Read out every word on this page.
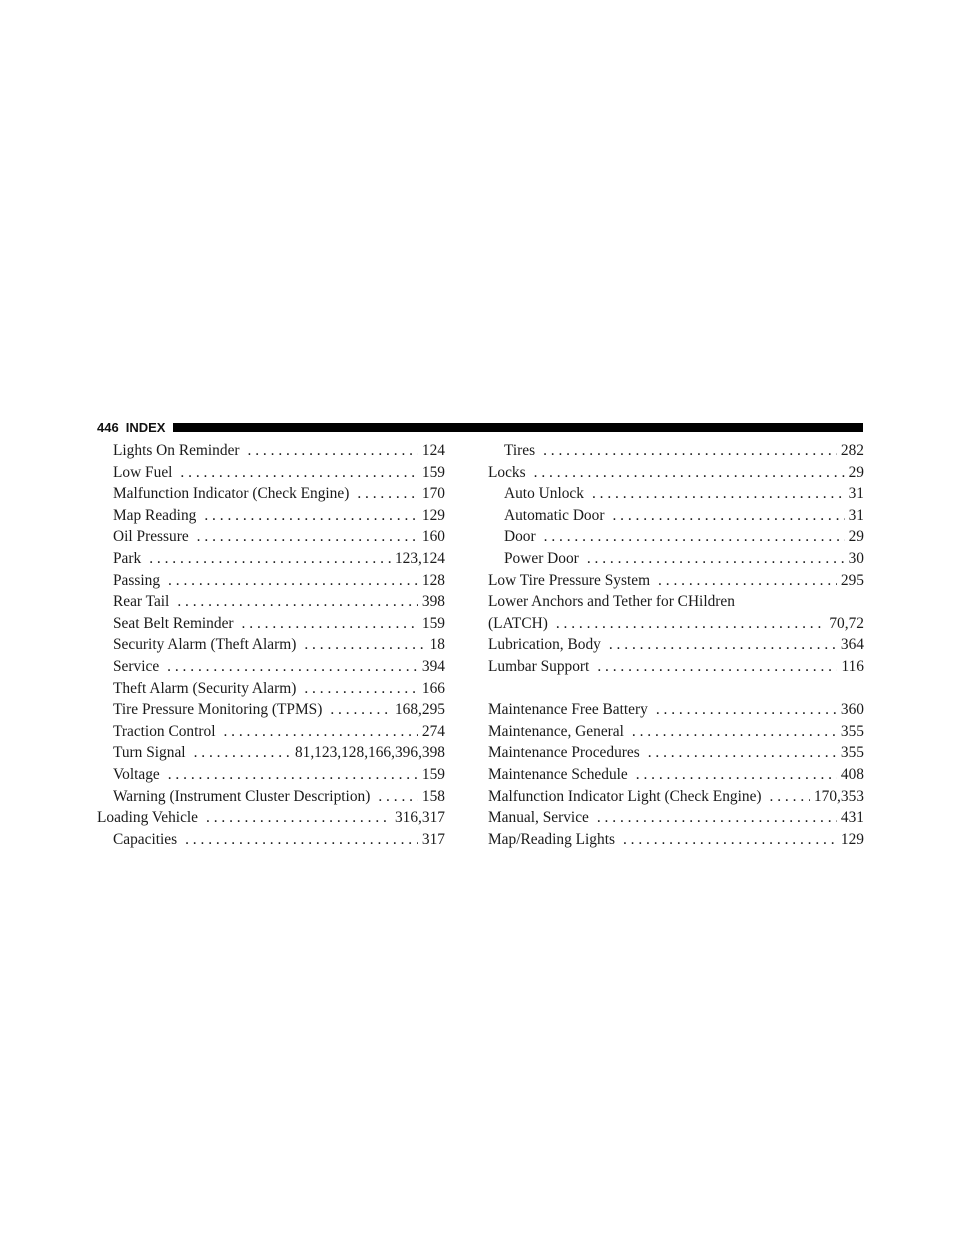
446 INDEX
Lights On Reminder . . .	124
Low Fuel . . .	159
Malfunction Indicator (Check Engine) . . .	170
Map Reading . . .	129
Oil Pressure . . .	160
Park . . .	123,124
Passing . . .	128
Rear Tail . . .	398
Seat Belt Reminder . . .	159
Security Alarm (Theft Alarm) . . .	18
Service . . .	394
Theft Alarm (Security Alarm) . . .	166
Tire Pressure Monitoring (TPMS) . . .	168,295
Traction Control . . .	274
Turn Signal . . .	81,123,128,166,396,398
Voltage . . .	159
Warning (Instrument Cluster Description) . . .	158
Loading Vehicle . . .	316,317
Capacities . . .	317
Tires . . .	282
Locks . . .	29
Auto Unlock . . .	31
Automatic Door . . .	31
Door . . .	29
Power Door . . .	30
Low Tire Pressure System . . .	295
Lower Anchors and Tether for CHildren
(LATCH) . . .	70,72
Lubrication, Body . . .	364
Lumbar Support . . .	116
Maintenance Free Battery . . .	360
Maintenance, General . . .	355
Maintenance Procedures . . .	355
Maintenance Schedule . . .	408
Malfunction Indicator Light (Check Engine) . . .	170,353
Manual, Service . . .	431
Map/Reading Lights . . .	129
